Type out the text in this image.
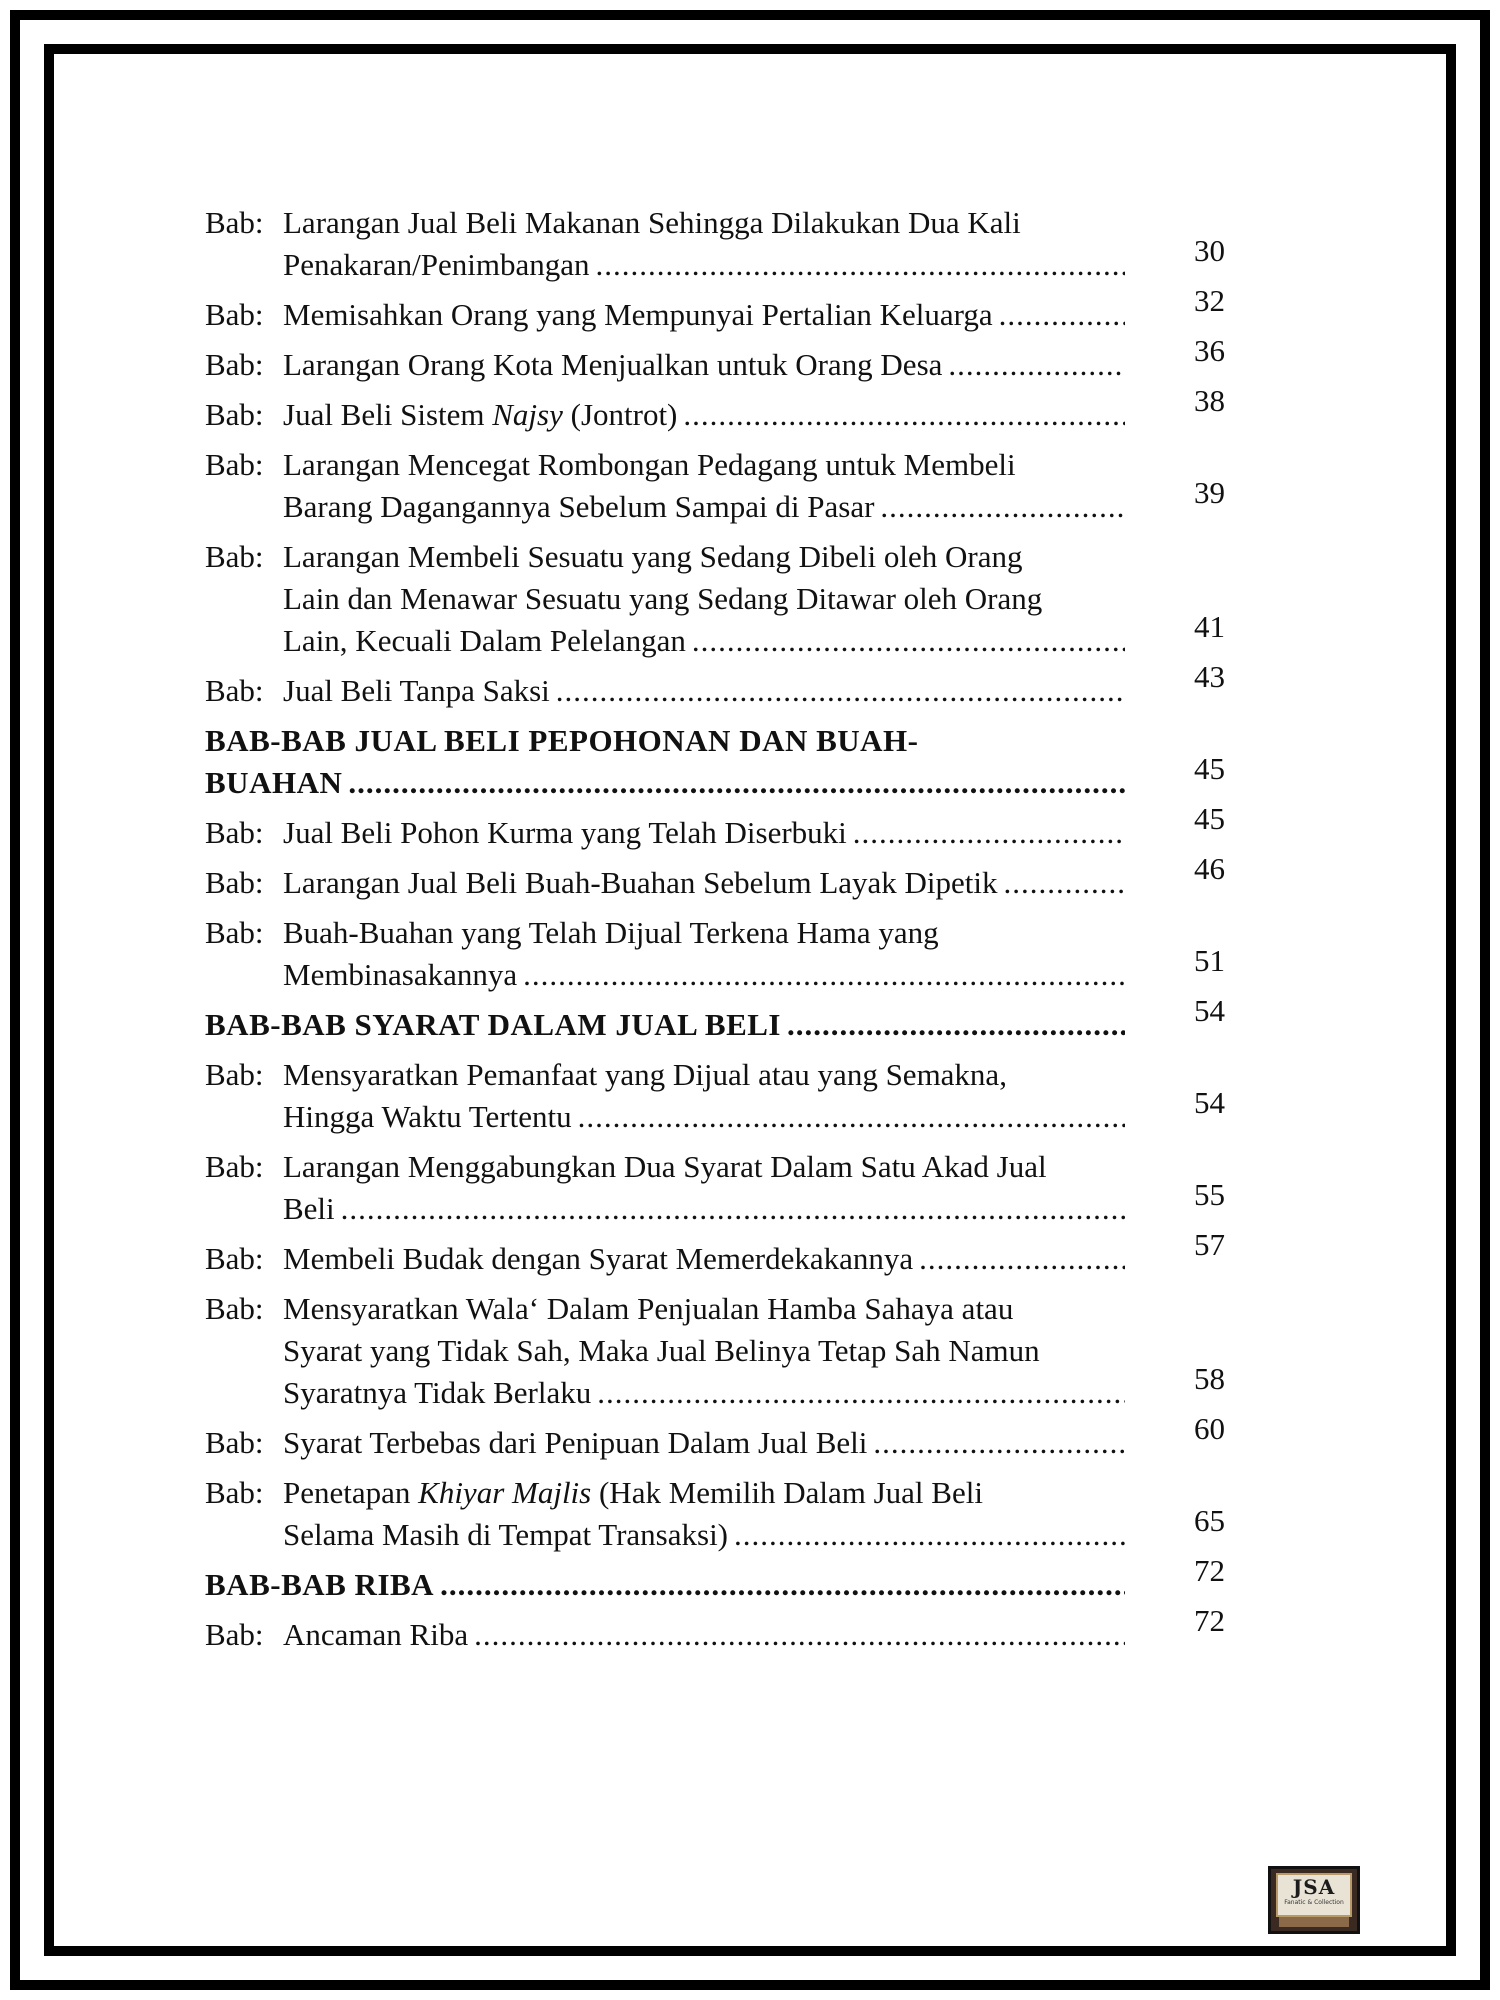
Bab: Larangan Jual Beli Makanan Sehingga Dilakukan Dua Kali
Penakaran/Penimbangan .....	30
Bab: Memisahkan Orang yang Mempunyai Pertalian Keluarga .....	32
Bab: Larangan Orang Kota Menjualkan untuk Orang Desa .....	36
Bab: Jual Beli Sistem Najsy (Jontrot) .....	38
Bab: Larangan Mencegat Rombongan Pedagang untuk Membeli
Barang Dagangannya Sebelum Sampai di Pasar .....	39
Bab: Larangan Membeli Sesuatu yang Sedang Dibeli oleh Orang
Lain dan Menawar Sesuatu yang Sedang Ditawar oleh Orang
Lain, Kecuali Dalam Pelelangan .....	41
Bab: Jual Beli Tanpa Saksi .....	43
BAB-BAB JUAL BELI PEPOHONAN DAN BUAH-
BUAHAN .....	45
Bab: Jual Beli Pohon Kurma yang Telah Diserbuki .....	45
Bab: Larangan Jual Beli Buah-Buahan Sebelum Layak Dipetik .....	46
Bab: Buah-Buahan yang Telah Dijual Terkena Hama yang
Membinasakannya .....	51
BAB-BAB SYARAT DALAM JUAL BELI .....	54
Bab: Mensyaratkan Pemanfaat yang Dijual atau yang Semakna,
Hingga Waktu Tertentu .....	54
Bab: Larangan Menggabungkan Dua Syarat Dalam Satu Akad Jual
Beli .....	55
Bab: Membeli Budak dengan Syarat Memerdekakannya .....	57
Bab: Mensyaratkan Wala‘ Dalam Penjualan Hamba Sahaya atau
Syarat yang Tidak Sah, Maka Jual Belinya Tetap Sah Namun
Syaratnya Tidak Berlaku .....	58
Bab: Syarat Terbebas dari Penipuan Dalam Jual Beli .....	60
Bab: Penetapan Khiyar Majlis (Hak Memilih Dalam Jual Beli
Selama Masih di Tempat Transaksi) .....	65
BAB-BAB RIBA .....	72
Bab: Ancaman Riba .....	72
JSA
Fanatic & Collection
